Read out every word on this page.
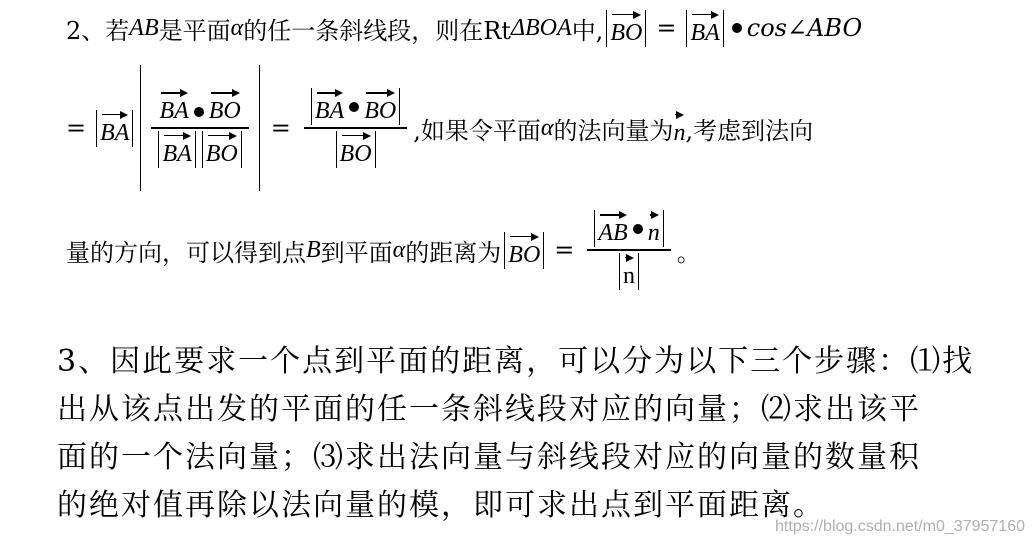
2、若 AB 是平面 α 的任一条斜线段，则在Rt ΔBOA 中, BO = BA cos∠ABO
= BA $\frac{\text{BA BO}}{\text{BA BO}} = \frac{\text{BA BO}}{BO}$ ,如果令平面 α 的法向量为 n ,考虑到法向
量的方向，可以得到点 B 到平面 α 的距离为 BO = $\frac{\text{AB n}}{n}$ 。
3、因此要求一个点到平面的距离，可以分为以下三个步骤：⑴找
出从该点出发的平面的任一条斜线段对应的向量；⑵求出该平
面的一个法向量；⑶求出法向量与斜线段对应的向量的数量积
的绝对值再除以法向量的模，即可求出点到平面距离。
https://blog.csdn.net/m0_37957160
